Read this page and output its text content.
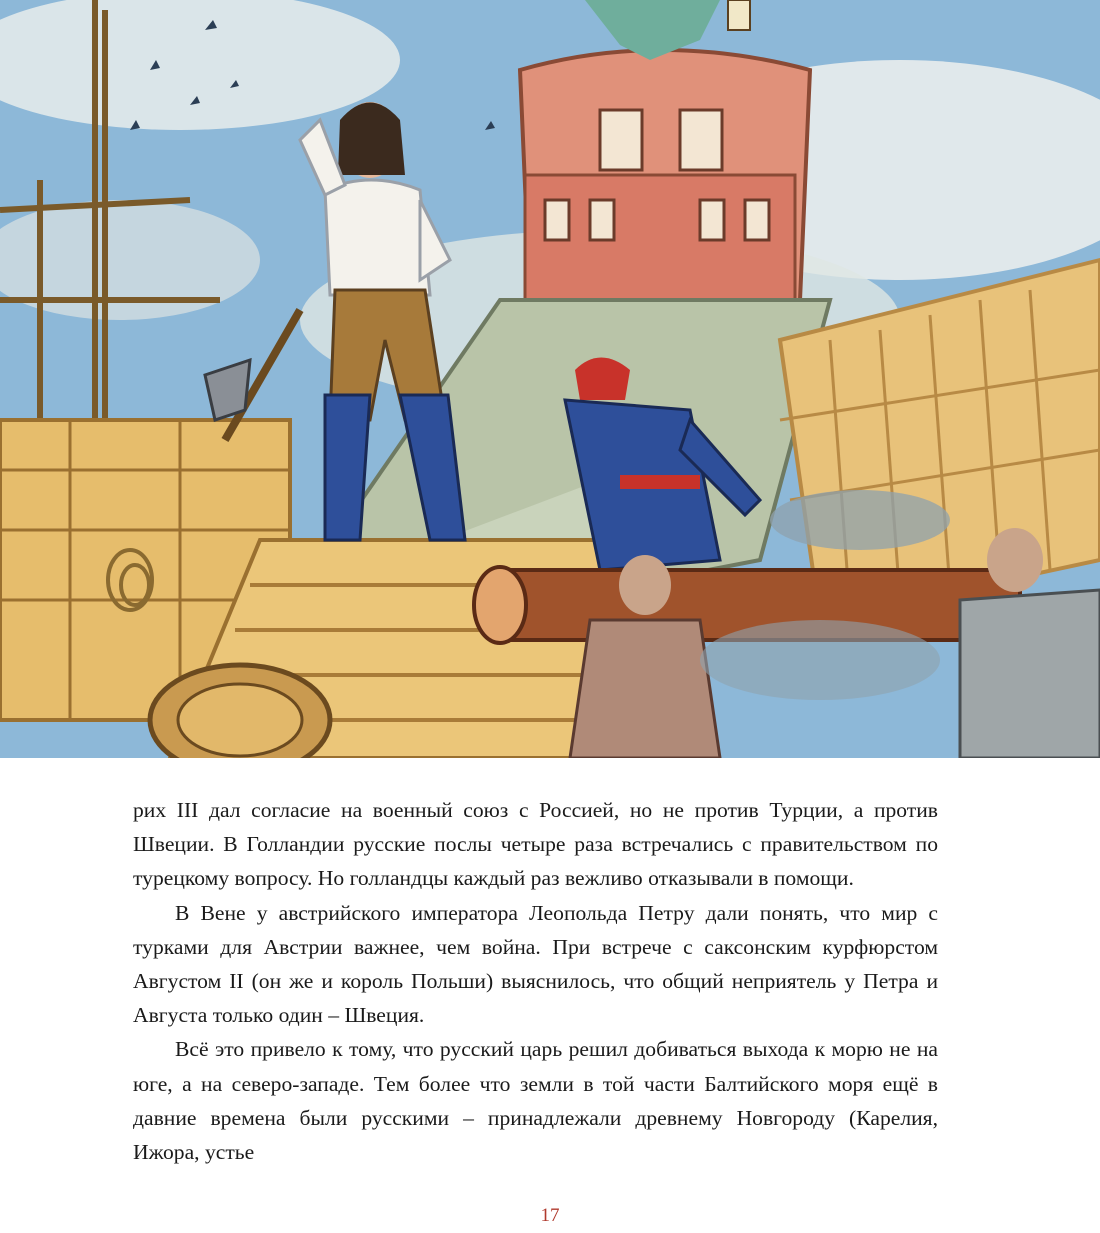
рих III дал согласие на военный союз с Россией, но не против Турции, а против Швеции. В Голландии русские послы четыре раза встречались с правительством по турецкому вопросу. Но голландцы каждый раз вежливо отказывали в помощи.

В Вене у австрийского императора Леопольда Петру дали понять, что мир с турками для Австрии важнее, чем война. При встрече с саксонским курфюрстом Августом II (он же и король Польши) выяснилось, что общий неприятель у Петра и Августа только один – Швеция.

Всё это привело к тому, что русский царь решил добиваться выхода к морю не на юге, а на северо-западе. Тем более что земли в той части Балтийского моря ещё в давние времена были русскими – принадлежали древнему Новгороду (Карелия, Ижора, устье

17
